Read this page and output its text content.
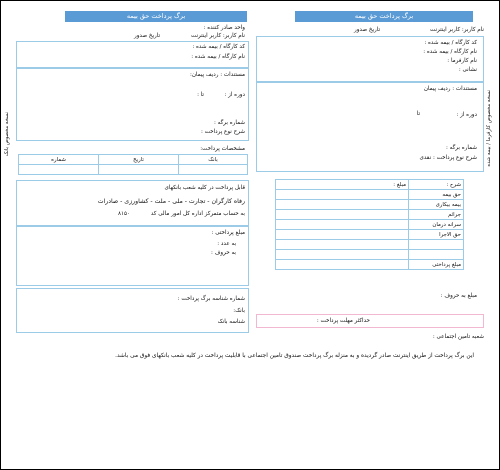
برگ پرداخت حق بیمه
واحد صادر کننده :
نام کاربر: کاربر اینترنت
تاریخ صدور
کد کارگاه / بیمه شده :
نام کارگاه / بیمه شده :
مستندات : ردیف پیمان:
دوره از :
تا :
شماره برگه :
شرح نوع پرداخت :
مشخصات پرداخت:
شماره	تاریخ	بانک

قابل پرداخت در کلیه شعب بانکهای
رفاه کارگران - تجارت - ملی - ملت - کشاورزی - صادرات
به حساب متمرکز اداره کل امور مالی کد
۸۱۵۰
مبلغ پرداختی :
به عدد :
به حروف :
شماره شناسه برگ پرداخت :
بانک:
شناسه بانک
نسخه مخصوص بانک
برگ پرداخت حق بیمه
نام کاربر: کاربر اینترنت
تاریخ صدور
کد کارگاه / بیمه شده :
نام کارگاه / بیمه شده :
نام کارفرما :
نشانی :
مستندات : ردیف پیمان
دوره از :
تا
شماره برگه :
شرح نوع پرداخت : نقدی
مبلغ :	شرح :
	حق بیمه
	بیمه بیکاری
	جرائم
	سرانه درمان
	حق الاجرا

	مبلغ پرداختی
مبلغ به حروف :
حداکثر مهلت پرداخت :
شعبه تامین اجتماعی :
نسخه مخصوص کارفرما / بیمه شده
این برگ پرداخت از طریق اینترنت صادر گردیده و به منزله برگ پرداخت صندوق تامین اجتماعی با قابلیت پرداخت در کلیه شعب بانکهای فوق می باشد.
